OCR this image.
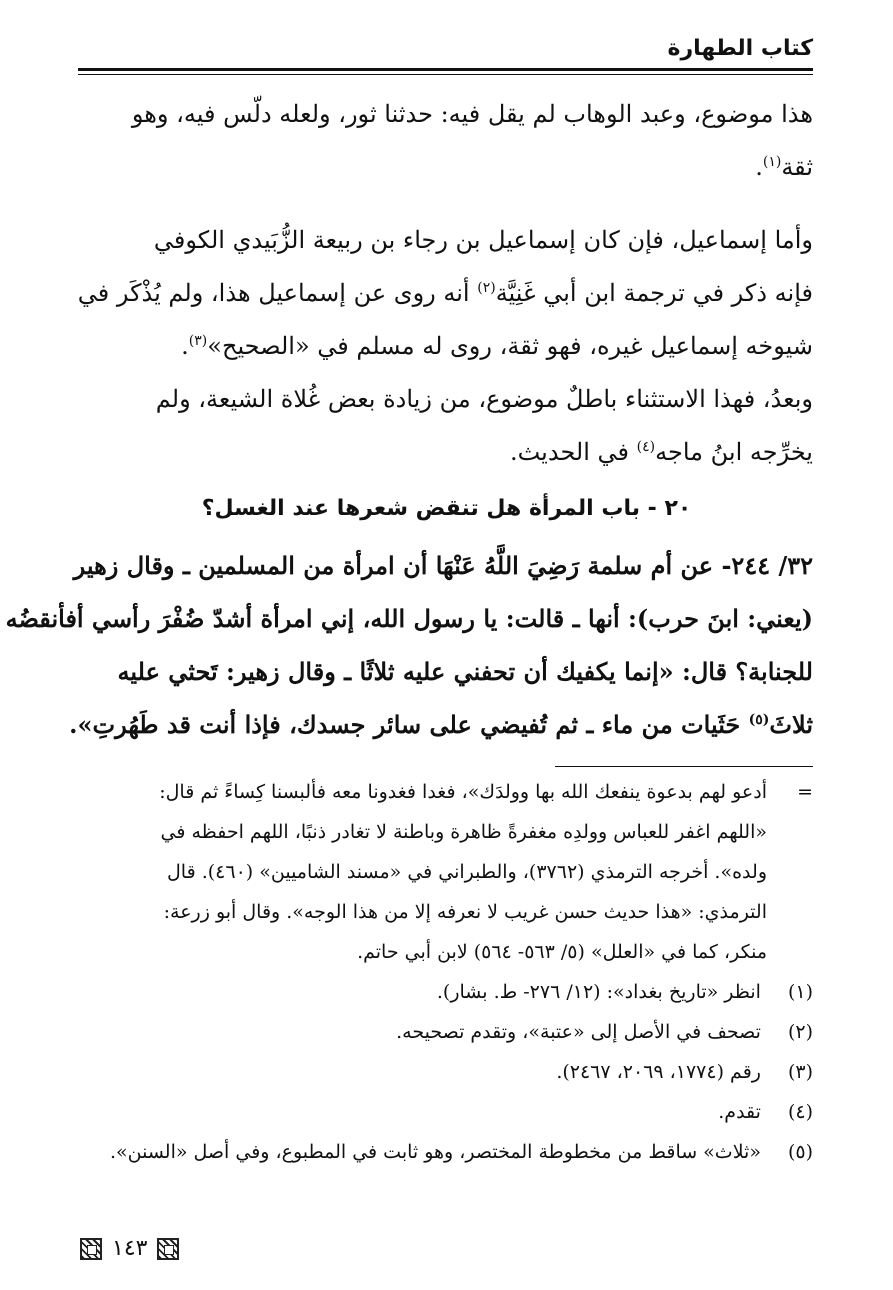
كتاب الطهارة
هذا موضوع، وعبد الوهاب لم يقل فيه: حدثنا ثور، ولعله دلّس فيه، وهو
ثقة$^{(١)}$.
وأما إسماعيل، فإن كان إسماعيل بن رجاء بن ربيعة الزُّبَيدي الكوفي
فإنه ذكر في ترجمة ابن أبي غَنِيَّة$^{(٢)}$ أنه روى عن إسماعيل هذا، ولم يُذْكَر في
شيوخه إسماعيل غيره، فهو ثقة، روى له مسلم في «الصحيح»$^{(٣)}$.
وبعدُ، فهذا الاستثناء باطلٌ موضوع، من زيادة بعض غُلاة الشيعة، ولم
يخرِّجه ابنُ ماجه$^{(٤)}$ في الحديث.
٢٠ - باب المرأة هل تنقض شعرها عند الغسل؟
٣٢/ ٢٤٤- عن أم سلمة رَضِيَ اللَّهُ عَنْهَا أن امرأة من المسلمين ـ وقال زهير
(يعني: ابنَ حرب): أنها ـ قالت: يا رسول الله، إني امرأة أشدّ ضُفْرَ رأسي أفأنقضُه
للجنابة؟ قال: «إنما يكفيك أن تحفني عليه ثلاثًا ـ وقال زهير: تَحثي عليه
ثلاثَ$^{(٥)}$ حَثَيات من ماء ـ ثم تُفيضي على سائر جسدك، فإذا أنت قد طَهُرتِ».
=أدعو لهم بدعوة ينفعك الله بها وولدَك»، فغدا فغدونا معه فألبسنا كِساءً ثم قال:
«اللهم اغفر للعباس وولدِه مغفرةً ظاهرة وباطنة لا تغادر ذنبًا، اللهم احفظه في
ولده». أخرجه الترمذي (٣٧٦٢)، والطبراني في «مسند الشاميين» (٤٦٠). قال
الترمذي: «هذا حديث حسن غريب لا نعرفه إلا من هذا الوجه». وقال أبو زرعة:
منكر، كما في «العلل» (٥/ ٥٦٣- ٥٦٤) لابن أبي حاتم.
(١) انظر «تاريخ بغداد»: (١٢/ ٢٧٦- ط. بشار).
(٢) تصحف في الأصل إلى «عتبة»، وتقدم تصحيحه.
(٣) رقم (١٧٧٤، ٢٠٦٩، ٢٤٦٧).
(٤) تقدم.
(٥) «ثلاث» ساقط من مخطوطة المختصر، وهو ثابت في المطبوع، وفي أصل «السنن».
١٤٣
